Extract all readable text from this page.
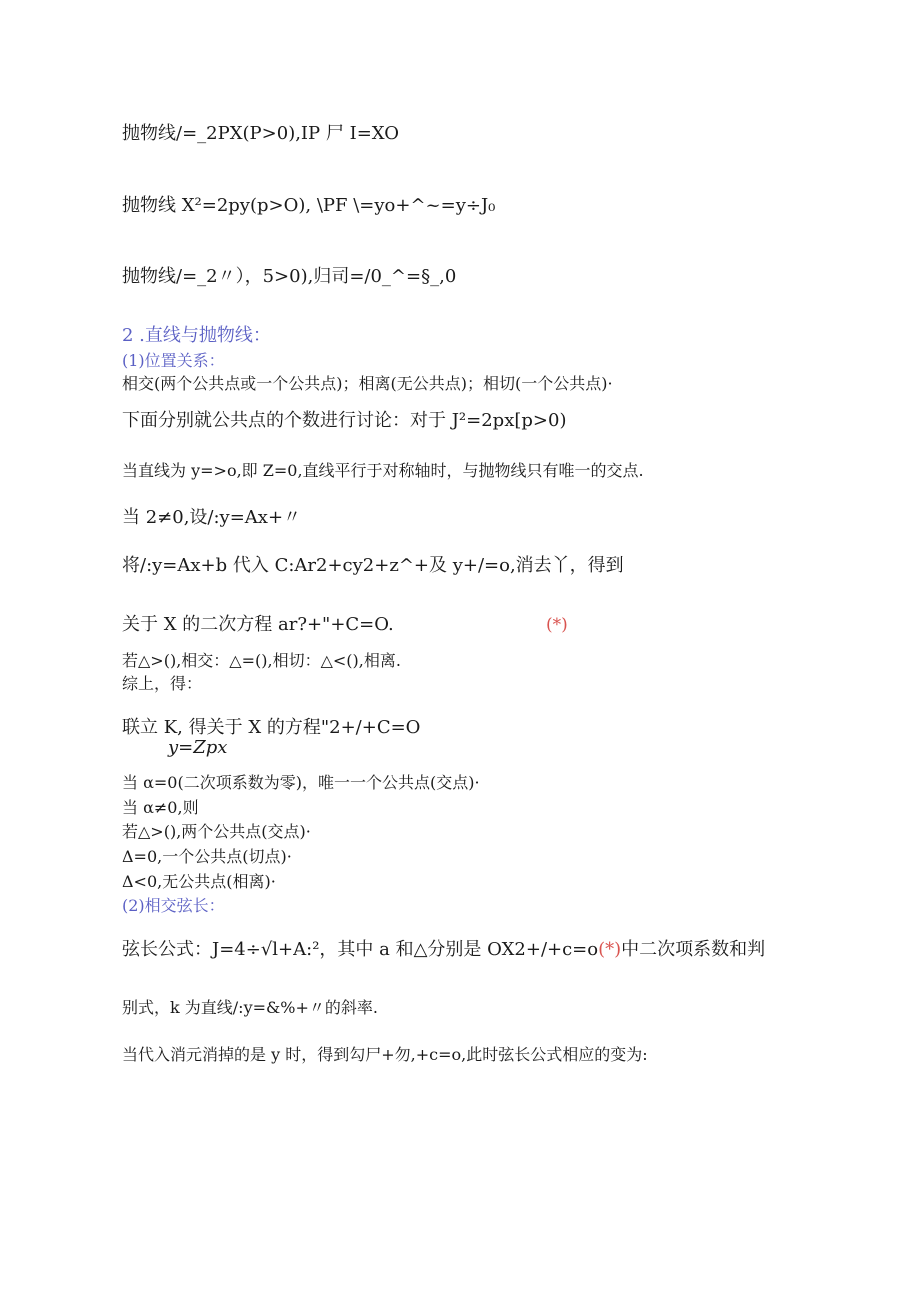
抛物线/=_2PX(P>0),IP 尸 I=XO
抛物线 X²=2py(p>O), \PF \=yo+^~=y÷J₀
抛物线/=_2〃），5>0),归司=/0_^=§_,0
2 .直线与抛物线：
(1)位置关系：
相交(两个公共点或一个公共点)；相离(无公共点)；相切(一个公共点)·
下面分别就公共点的个数进行讨论：对于 J²=2px[p>0)
当直线为 y=>o,即 Z=0,直线平行于对称轴时，与抛物线只有唯一的交点.
当 2≠0,设/:y=Ax+〃
将/:y=Ax+b 代入 C:Ar2+cy2+z^+及 y+/=o,消去丫，得到
关于 X 的二次方程 ar?+"+C=O.	(*)
若△>(),相交：△=(),相切：△<(),相离.
综上，得：
联立 K, 得关于 X 的方程"2+/+C=O
y=Zpx
当 α=0(二次项系数为零)，唯一一个公共点(交点)·
当 α≠0,则
若△>(),两个公共点(交点)·
Δ=0,一个公共点(切点)·
Δ<0,无公共点(相离)·
(2)相交弦长：
弦长公式：J=4÷√l+A:²，其中 a 和△分别是 OX2+/+c=o(*)中二次项系数和判
别式，k 为直线/:y=&%+〃的斜率.
当代入消元消掉的是 y 时，得到勾尸+勿,+c=o,此时弦长公式相应的变为:
